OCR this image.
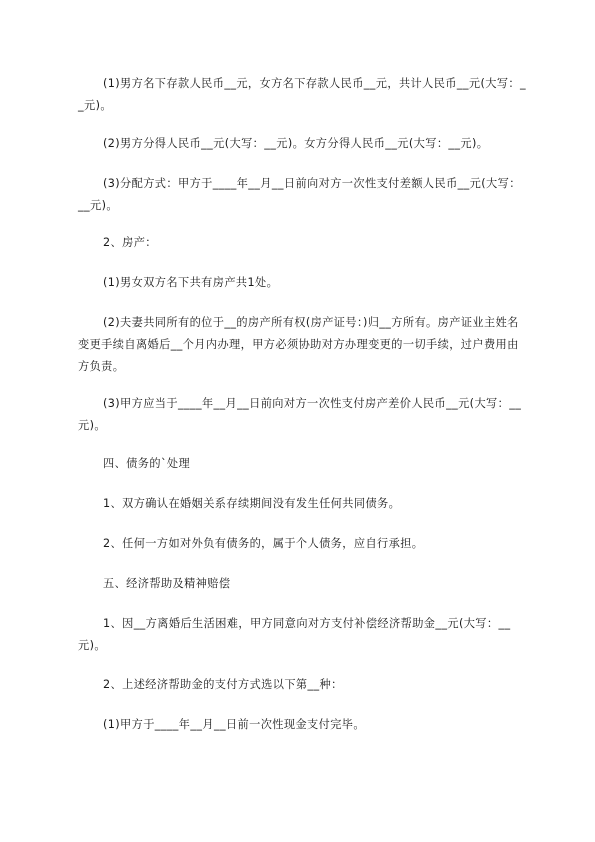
(1)男方名下存款人民币__元，女方名下存款人民币__元，共计人民币__元(大写：__元)。

(2)男方分得人民币__元(大写：__元)。女方分得人民币__元(大写：__元)。

(3)分配方式：甲方于____年__月__日前向对方一次性支付差额人民币__元(大写：__元)。

2、房产：

(1)男女双方名下共有房产共1处。

(2)夫妻共同所有的位于__的房产所有权(房产证号：)归__方所有。房产证业主姓名变更手续自离婚后__个月内办理，甲方必须协助对方办理变更的一切手续，过户费用由方负责。

(3)甲方应当于____年__月__日前向对方一次性支付房产差价人民币__元(大写：__元)。

四、债务的`处理

1、双方确认在婚姻关系存续期间没有发生任何共同债务。

2、任何一方如对外负有债务的，属于个人债务，应自行承担。

五、经济帮助及精神赔偿

1、因__方离婚后生活困难，甲方同意向对方支付补偿经济帮助金__元(大写：__元)。

2、上述经济帮助金的支付方式选以下第__种：

(1)甲方于____年__月__日前一次性现金支付完毕。
